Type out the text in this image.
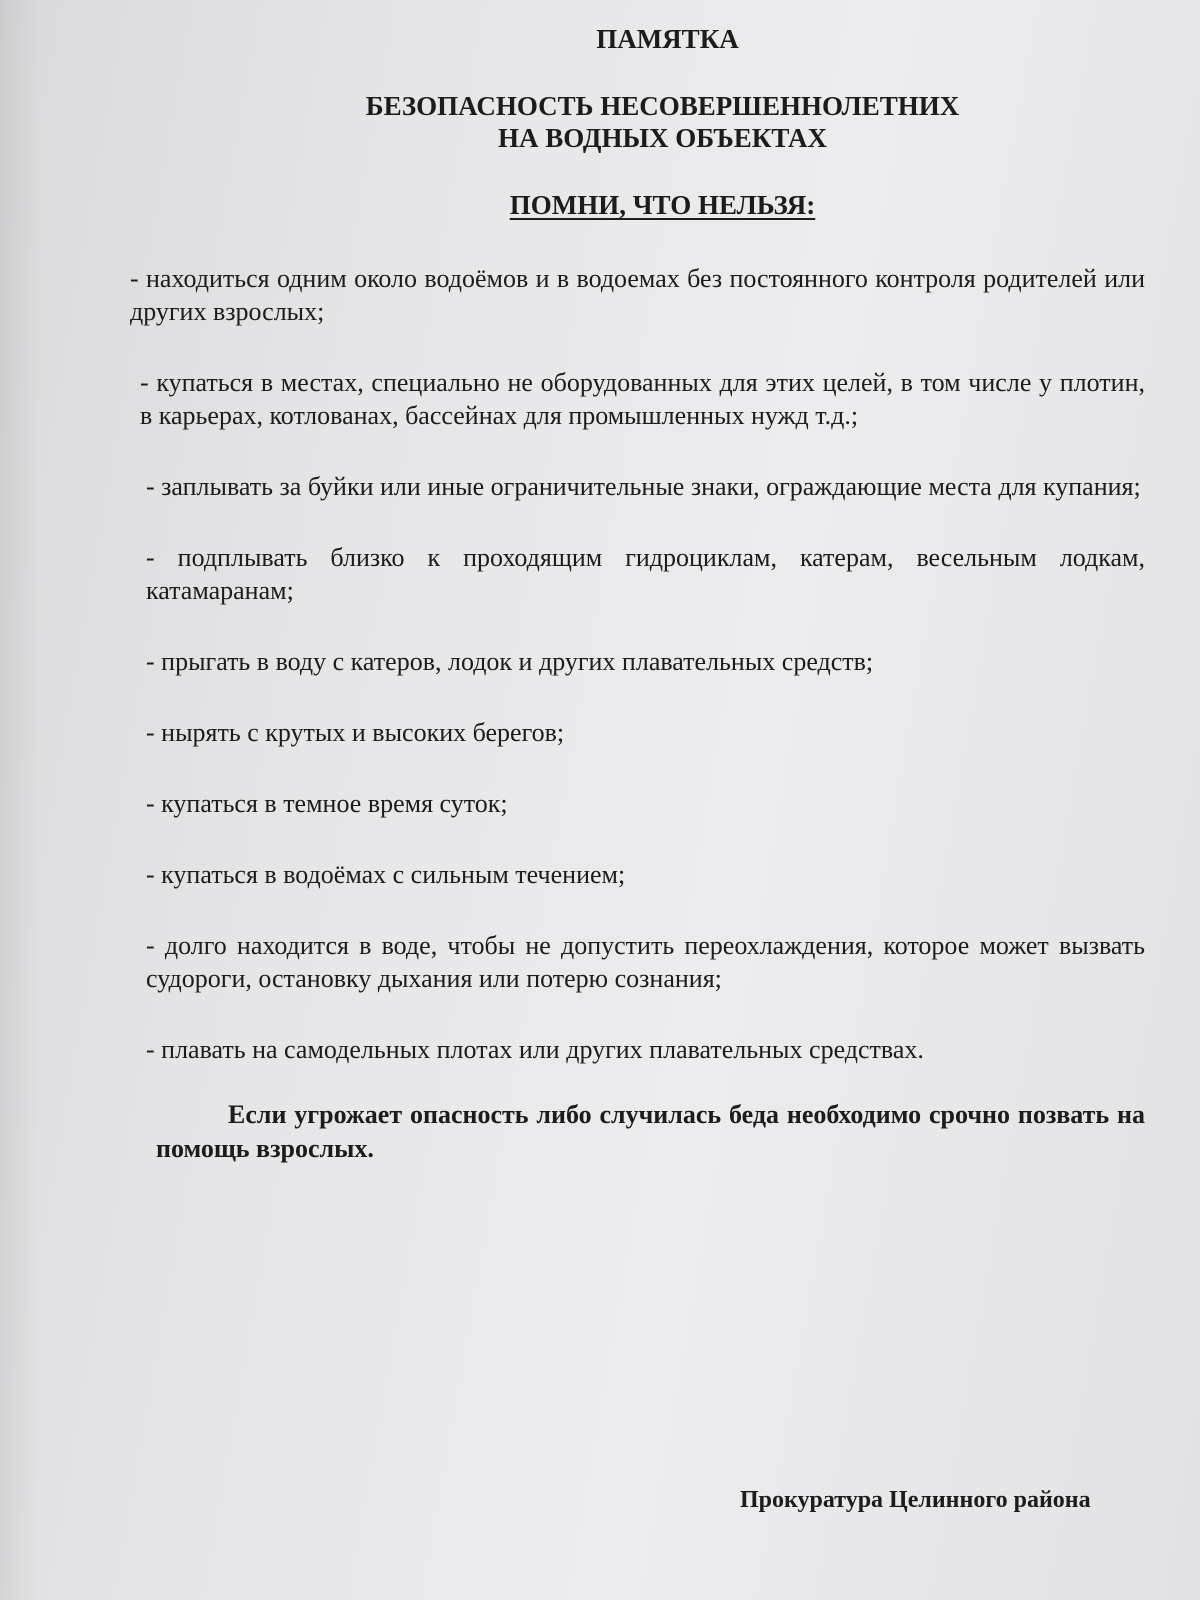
ПАМЯТКА

БЕЗОПАСНОСТЬ НЕСОВЕРШЕННОЛЕТНИХ
НА ВОДНЫХ ОБЪЕКТАХ

ПОМНИ, ЧТО НЕЛЬЗЯ:

- находиться одним около водоёмов и в водоемах без постоянного контроля родителей или других взрослых;
- купаться в местах, специально не оборудованных для этих целей, в том числе у плотин, в карьерах, котлованах, бассейнах для промышленных нужд т.д.;
- заплывать за буйки или иные ограничительные знаки, ограждающие места для купания;
- подплывать близко к проходящим гидроциклам, катерам, весельным лодкам, катамаранам;
- прыгать в воду с катеров, лодок и других плавательных средств;
- нырять с крутых и высоких берегов;
- купаться в темное время суток;
- купаться в водоёмах с сильным течением;
- долго находится в воде, чтобы не допустить переохлаждения, которое может вызвать судороги, остановку дыхания или потерю сознания;
- плавать на самодельных плотах или других плавательных средствах.

Если угрожает опасность либо случилась беда необходимо срочно позвать на помощь взрослых.

Прокуратура Целинного района
